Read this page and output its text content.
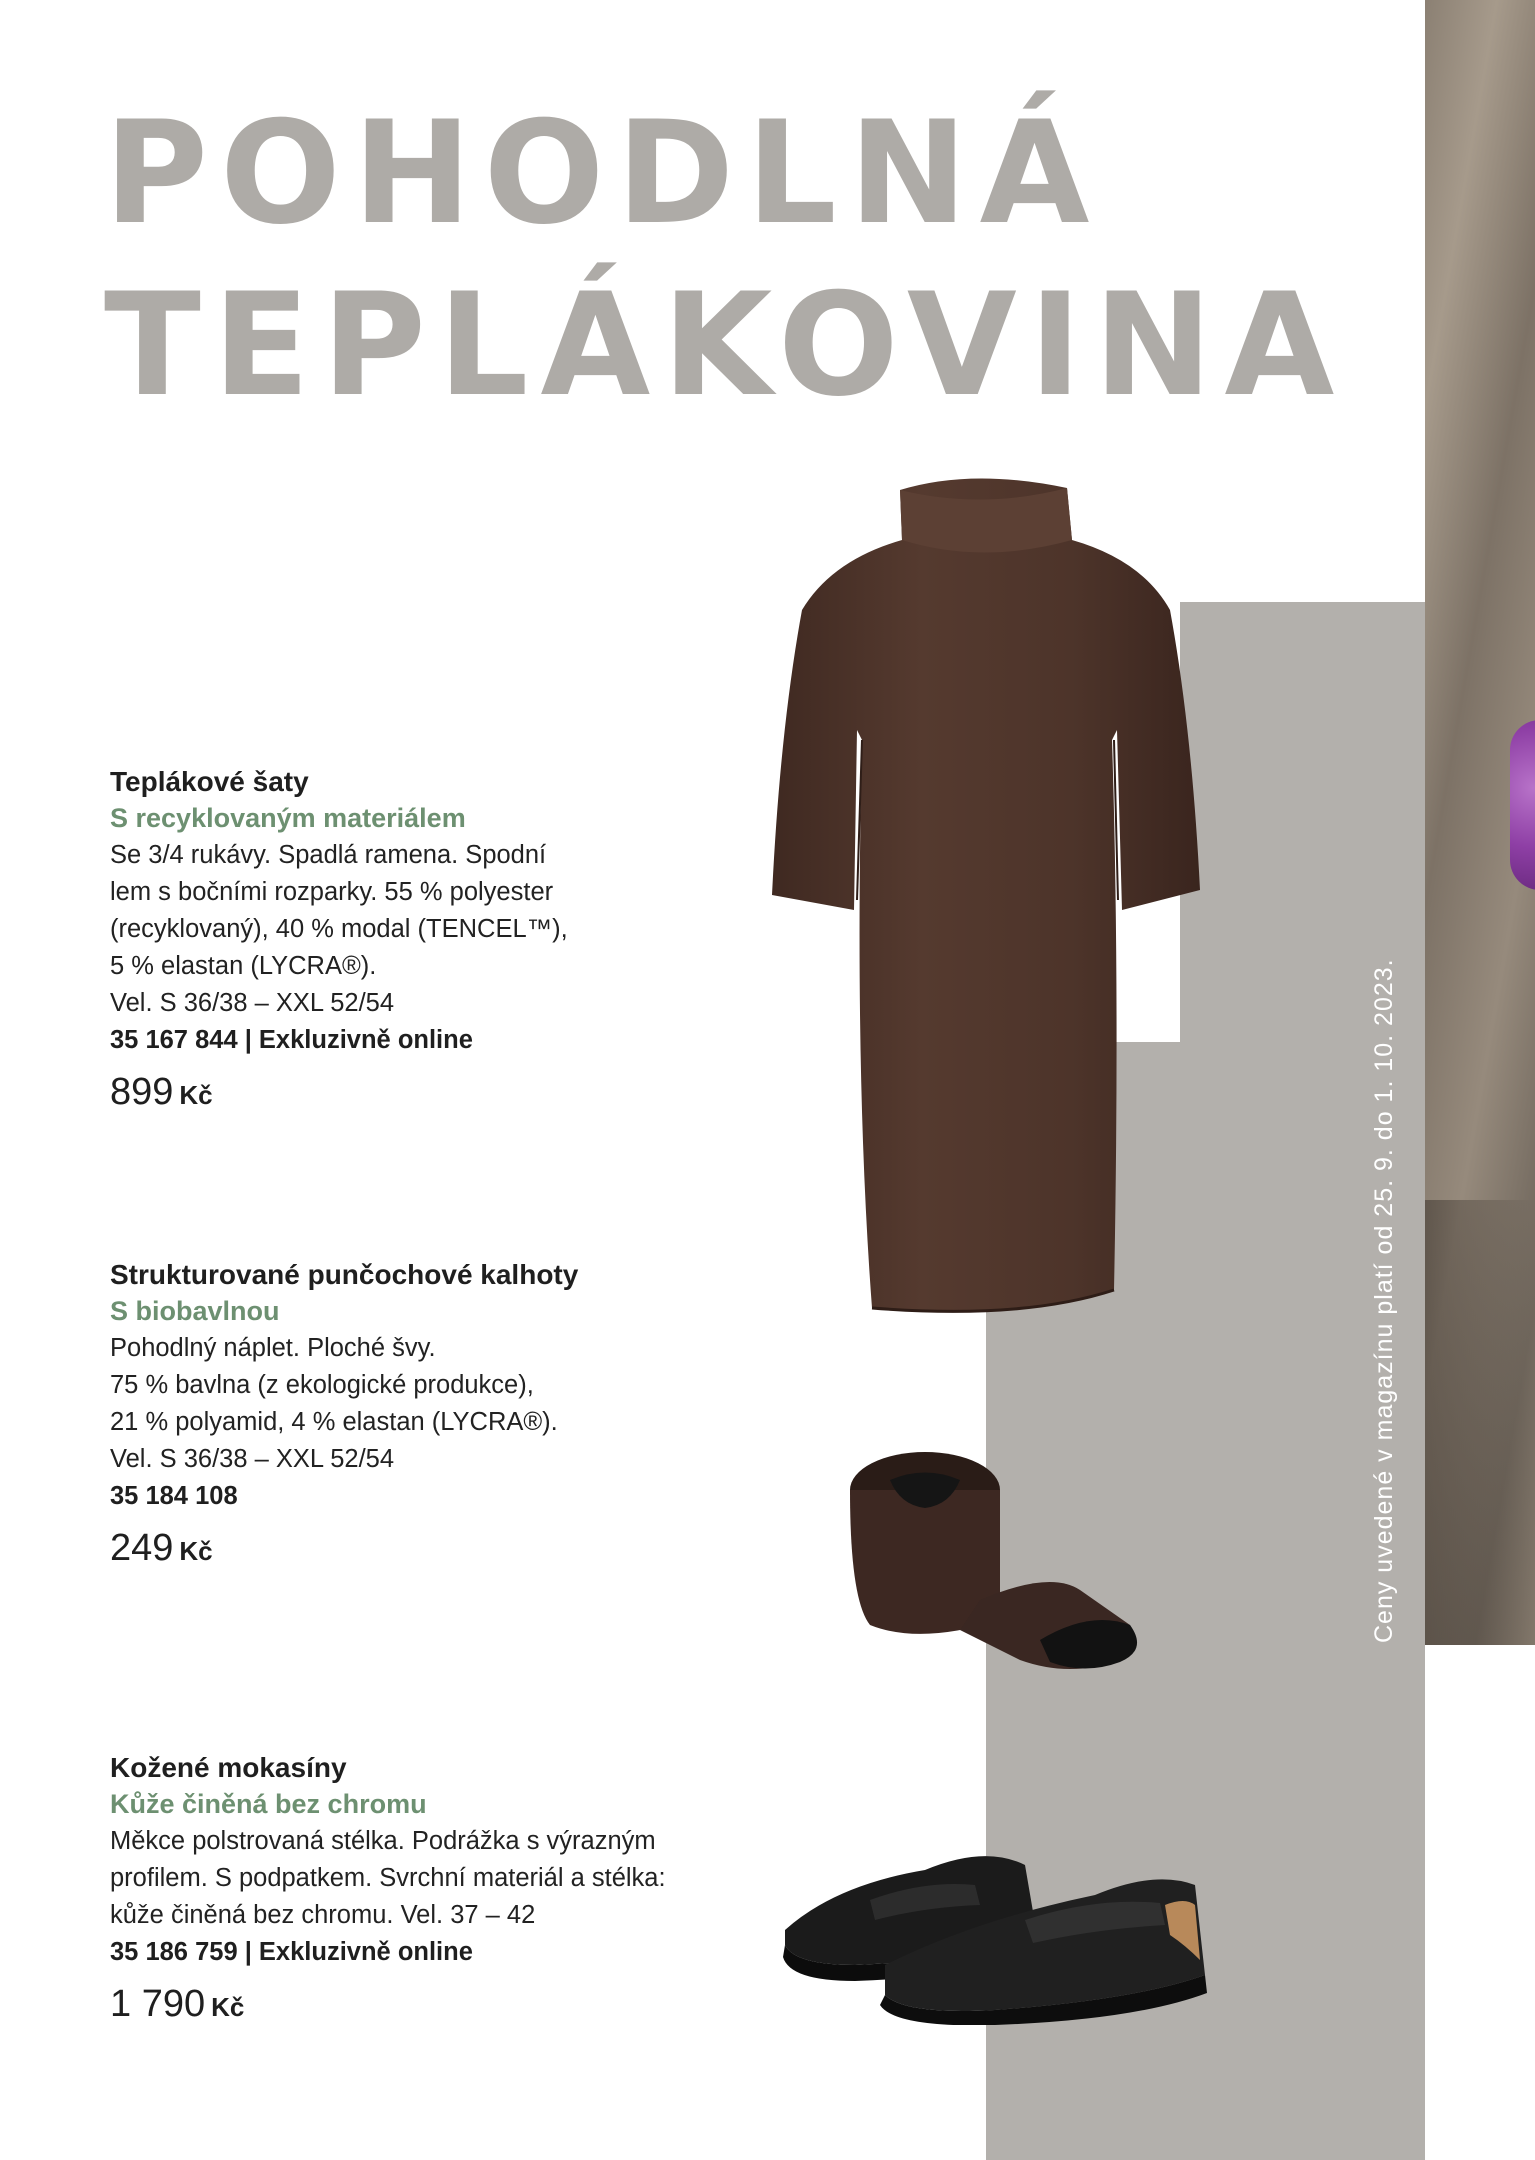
POHODLNÁ
TEPLÁKOVINA
Ceny uvedené v magazínu platí od 25. 9. do 1. 10. 2023.
Teplákové šaty
S recyklovaným materiálem
Se 3/4 rukávy. Spadlá ramena. Spodní
lem s bočními rozparky. 55 % polyester
(recyklovaný), 40 % modal (TENCEL™),
5 % elastan (LYCRA®).
Vel. S 36/38 – XXL 52/54
35 167 844 | Exkluzivně online
899 Kč
Strukturované punčochové kalhoty
S biobavlnou
Pohodlný náplet. Ploché švy.
75 % bavlna (z ekologické produkce),
21 % polyamid, 4 % elastan (LYCRA®).
Vel. S 36/38 – XXL 52/54
35 184 108
249 Kč
Kožené mokasíny
Kůže činěná bez chromu
Měkce polstrovaná stélka. Podrážka s výrazným
profilem. S podpatkem. Svrchní materiál a stélka:
kůže činěná bez chromu. Vel. 37 – 42
35 186 759 | Exkluzivně online
1 790 Kč
